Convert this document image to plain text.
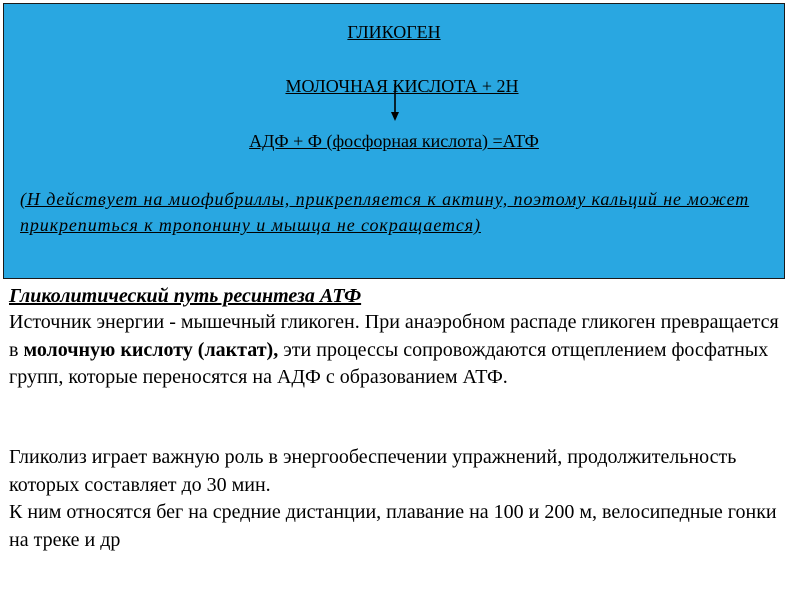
ГЛИКОГЕН
МОЛОЧНАЯ КИСЛОТА + 2Н
АДФ + Ф (фосфорная кислота) =АТФ
(Н действует на миофибриллы, прикрепляется к актину, поэтому кальций не может прикрепиться к тропонину и мышца не сокращается)
Гликолитический путь ресинтеза АТФ
Источник энергии - мышечный гликоген. При анаэробном распаде гликоген превращается в молочную кислоту (лактат), эти процессы сопровождаются отщеплением фосфатных групп, которые переносятся на АДФ с образованием АТФ.
Гликолиз играет важную роль в энергообеспечении упражнений, продолжительность которых составляет до 30 мин.
К ним относятся бег на средние дистанции, плавание на 100 и 200 м, велосипедные гонки на треке и др
